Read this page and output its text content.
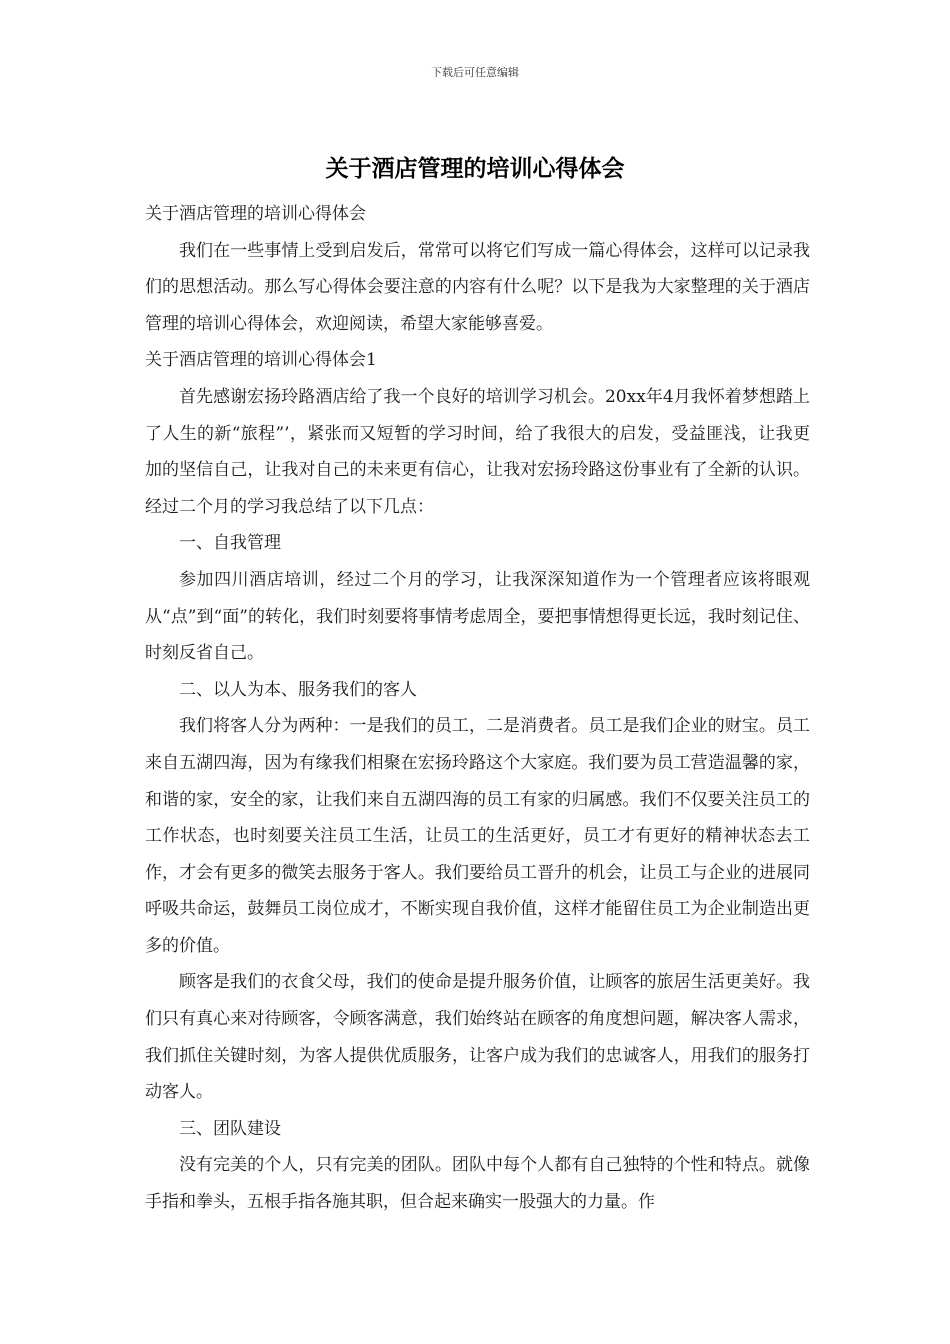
下载后可任意编辑
关于酒店管理的培训心得体会

关于酒店管理的培训心得体会

我们在一些事情上受到启发后，常常可以将它们写成一篇心得体会，这样可以记录我们的思想活动。那么写心得体会要注意的内容有什么呢？以下是我为大家整理的关于酒店管理的培训心得体会，欢迎阅读，希望大家能够喜爱。

关于酒店管理的培训心得体会1

首先感谢宏扬玲路酒店给了我一个良好的培训学习机会。20xx年4月我怀着梦想踏上了人生的新“旅程”’，紧张而又短暂的学习时间，给了我很大的启发，受益匪浅，让我更加的坚信自己，让我对自己的未来更有信心，让我对宏扬玲路这份事业有了全新的认识。经过二个月的学习我总结了以下几点：

一、自我管理

参加四川酒店培训，经过二个月的学习，让我深深知道作为一个管理者应该将眼观从“点”到“面”的转化，我们时刻要将事情考虑周全，要把事情想得更长远，我时刻记住、时刻反省自己。

二、以人为本、服务我们的客人

我们将客人分为两种：一是我们的员工，二是消费者。员工是我们企业的财宝。员工来自五湖四海，因为有缘我们相聚在宏扬玲路这个大家庭。我们要为员工营造温馨的家，和谐的家，安全的家，让我们来自五湖四海的员工有家的归属感。我们不仅要关注员工的工作状态，也时刻要关注员工生活，让员工的生活更好，员工才有更好的精神状态去工作，才会有更多的微笑去服务于客人。我们要给员工晋升的机会，让员工与企业的进展同呼吸共命运，鼓舞员工岗位成才，不断实现自我价值，这样才能留住员工为企业制造出更多的价值。

顾客是我们的衣食父母，我们的使命是提升服务价值，让顾客的旅居生活更美好。我们只有真心来对待顾客，令顾客满意，我们始终站在顾客的角度想问题，解决客人需求，我们抓住关键时刻，为客人提供优质服务，让客户成为我们的忠诚客人，用我们的服务打动客人。

三、团队建设

没有完美的个人，只有完美的团队。团队中每个人都有自己独特的个性和特点。就像手指和拳头，五根手指各施其职，但合起来确实一股强大的力量。作
